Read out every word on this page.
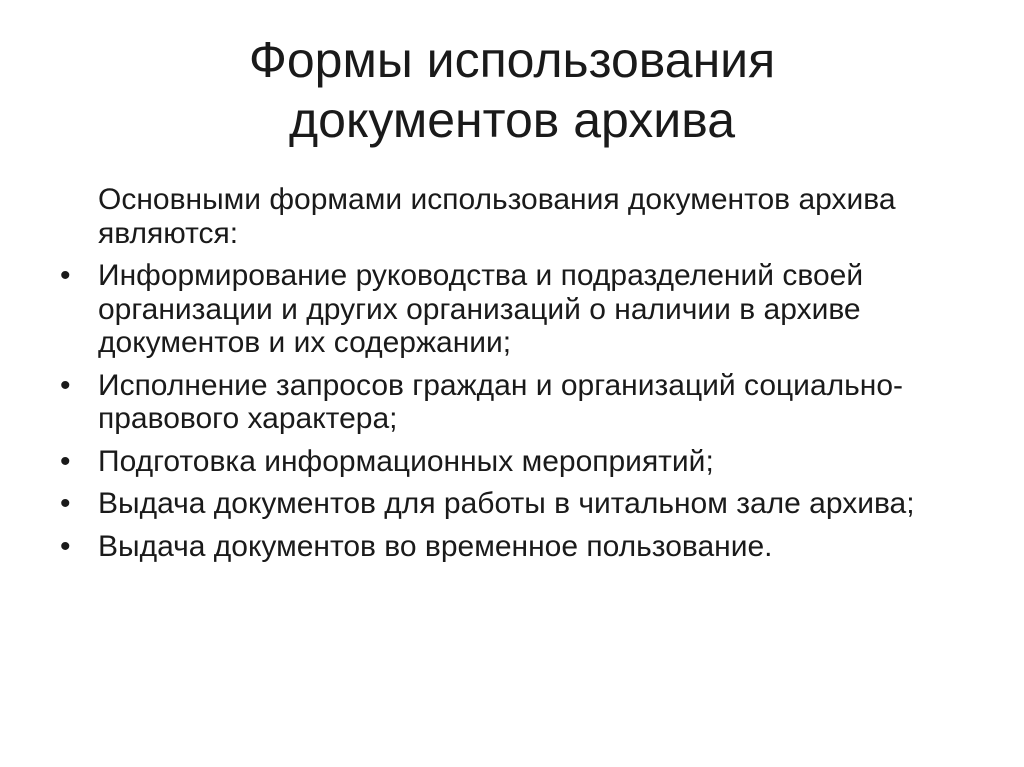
Формы использования
документов архива

Основными формами использования документов архива являются:

• Информирование руководства и подразделений своей организации и других организаций о наличии в архиве документов и их содержании;
• Исполнение запросов граждан и организаций социально-правового характера;
• Подготовка информационных мероприятий;
• Выдача документов для работы в читальном зале архива;
• Выдача документов во временное пользование.
